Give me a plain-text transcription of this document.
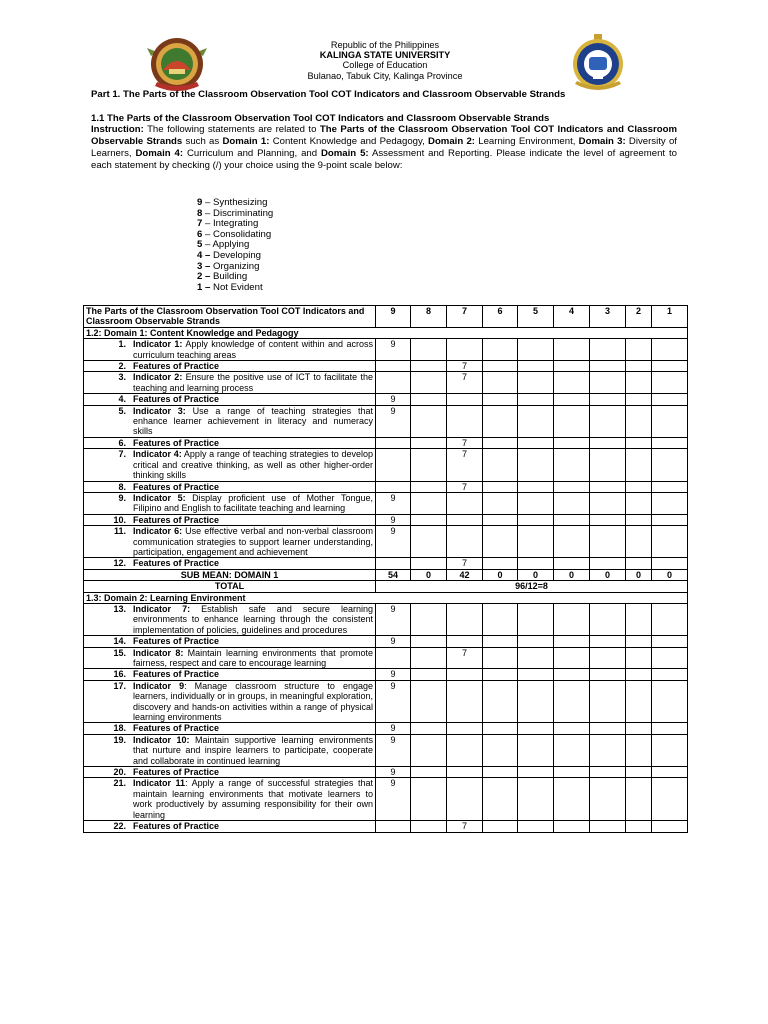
Republic of the Philippines
KALINGA STATE UNIVERSITY
College of Education
Bulanao, Tabuk City, Kalinga Province
Part 1. The Parts of the Classroom Observation Tool COT Indicators and Classroom Observable Strands
1.1 The Parts of the Classroom Observation Tool COT Indicators and Classroom Observable Strands
Instruction: The following statements are related to The Parts of the Classroom Observation Tool COT Indicators and Classroom Observable Strands such as Domain 1: Content Knowledge and Pedagogy, Domain 2: Learning Environment, Domain 3: Diversity of Learners, Domain 4: Curriculum and Planning, and Domain 5: Assessment and Reporting. Please indicate the level of agreement to each statement by checking (/) your choice using the 9-point scale below:
9 – Synthesizing
8 – Discriminating
7 – Integrating
6 – Consolidating
5 – Applying
4 – Developing
3 – Organizing
2 – Building
1 – Not Evident
The Parts of the Classroom Observation Tool COT Indicators and Classroom Observable Strands	9	8	7	6	5	4	3	2	1
1.2: Domain 1: Content Knowledge and Pedagogy									

1. Indicator 1: Apply knowledge of content within and across curriculum teaching areas	9								

2. Features of Practice			7						

3. Indicator 2: Ensure the positive use of ICT to facilitate the teaching and learning process			7						

4. Features of Practice	9								

5. Indicator 3: Use a range of teaching strategies that enhance learner achievement in literacy and numeracy skills	9								

6. Features of Practice			7						

7. Indicator 4: Apply a range of teaching strategies to develop critical and creative thinking, as well as other higher-order thinking skills			7						

8. Features of Practice			7						

9. Indicator 5: Display proficient use of Mother Tongue, Filipino and English to facilitate teaching and learning	9								

10. Features of Practice	9								

11. Indicator 6: Use effective verbal and non-verbal classroom communication strategies to support learner understanding, participation, engagement and achievement	9								

12. Features of Practice			7						
SUB MEAN: DOMAIN 1	54	0	42	0	0	0	0	0	0
TOTAL	96/12=8								
1.3: Domain 2: Learning Environment									

13. Indicator 7: Establish safe and secure learning environments to enhance learning through the consistent implementation of policies, guidelines and procedures	9								

14. Features of Practice	9								

15. Indicator 8: Maintain learning environments that promote fairness, respect and care to encourage learning			7						

16. Features of Practice	9								

17. Indicator 9: Manage classroom structure to engage learners, individually or in groups, in meaningful exploration, discovery and hands-on activities within a range of physical learning environments	9								

18. Features of Practice	9								

19. Indicator 10: Maintain supportive learning environments that nurture and inspire learners to participate, cooperate and collaborate in continued learning	9								

20. Features of Practice	9								

21. Indicator 11: Apply a range of successful strategies that maintain learning environments that motivate learners to work productively by assuming responsibility for their own learning	9								

22. Features of Practice			7						
